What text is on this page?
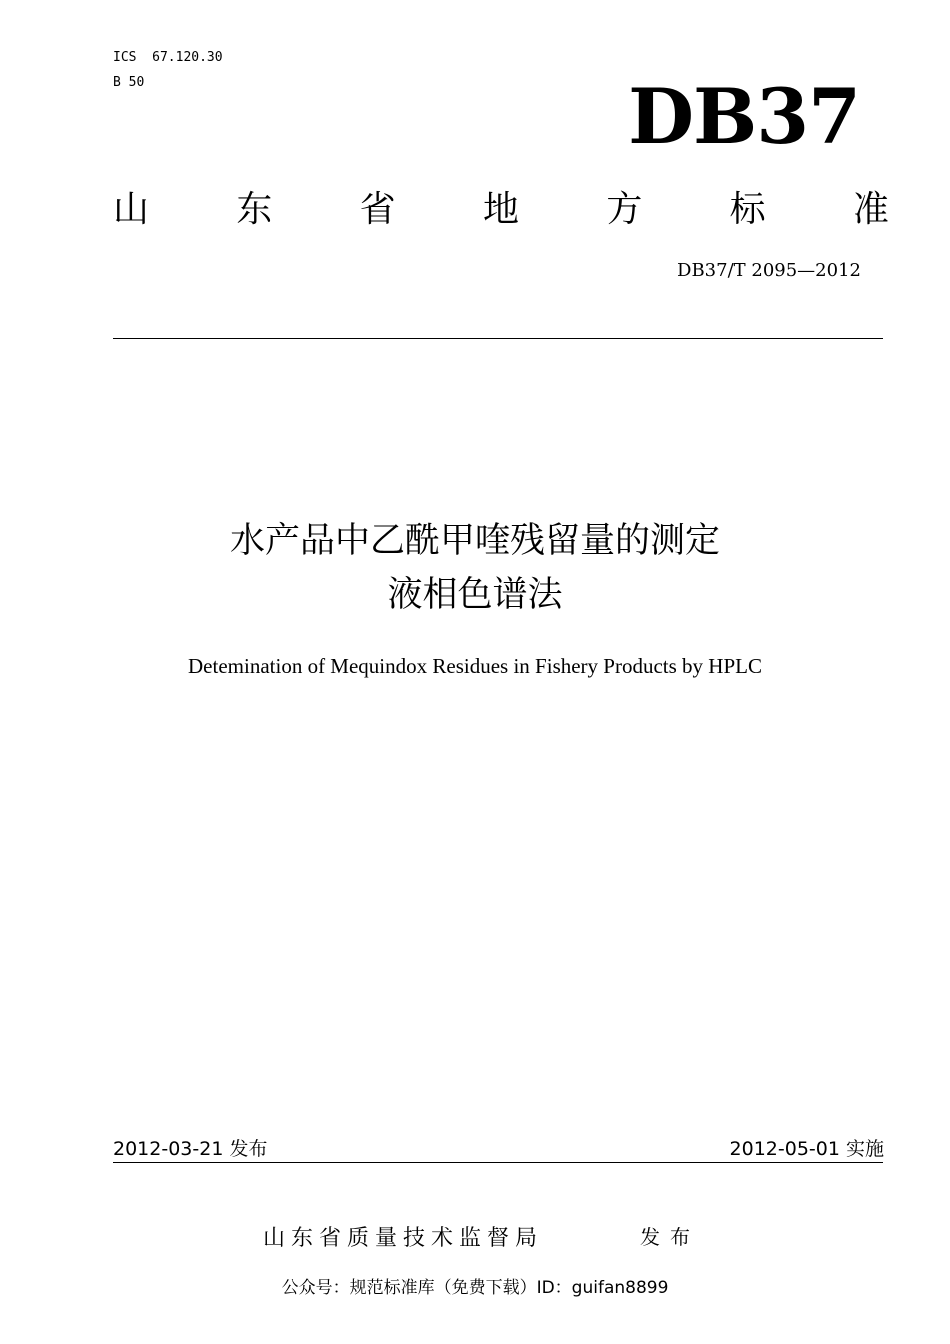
ICS  67.120.30
B 50	DB37
山 东 省 地 方 标 准
DB37/T 2095—2012
水产品中乙酰甲喹残留量的测定
液相色谱法
Detemination of Mequindox Residues in Fishery Products by HPLC
2012-03-21 发布	2012-05-01 实施
山东省质量技术监督局	发布
公众号：规范标准库（免费下载）ID：guifan8899
